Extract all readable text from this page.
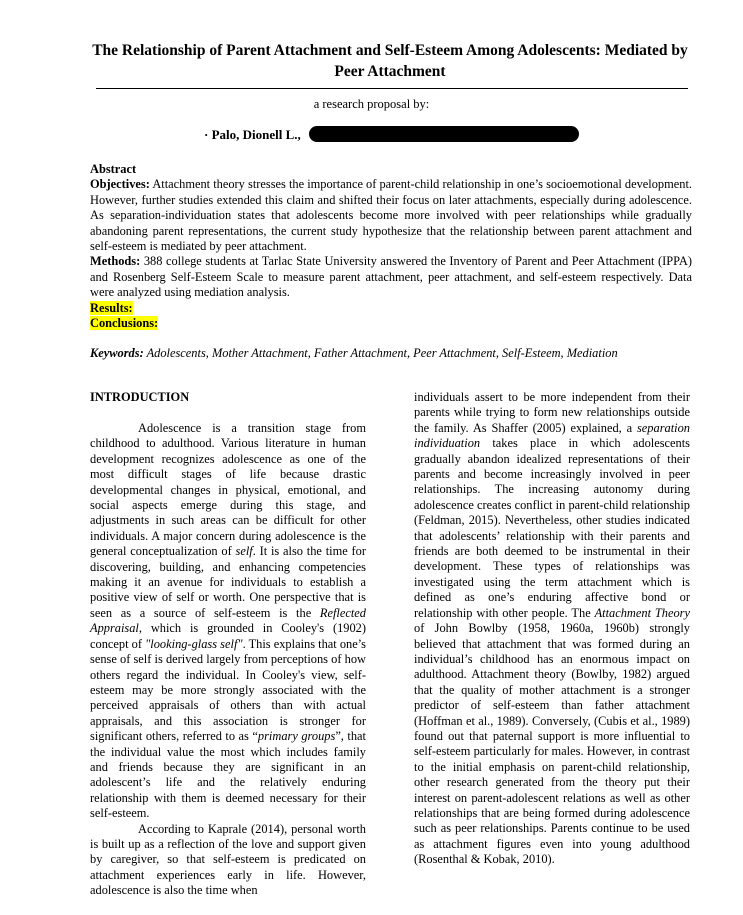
The Relationship of Parent Attachment and Self-Esteem Among Adolescents: Mediated by Peer Attachment
a research proposal by:
· Palo, Dionell L.,
Abstract
Objectives: Attachment theory stresses the importance of parent-child relationship in one’s socioemotional development. However, further studies extended this claim and shifted their focus on later attachments, especially during adolescence. As separation-individuation states that adolescents become more involved with peer relationships while gradually abandoning parent representations, the current study hypothesize that the relationship between parent attachment and self-esteem is mediated by peer attachment.
Methods: 388 college students at Tarlac State University answered the Inventory of Parent and Peer Attachment (IPPA) and Rosenberg Self-Esteem Scale to measure parent attachment, peer attachment, and self-esteem respectively. Data were analyzed using mediation analysis.
Results:
Conclusions:
Keywords: Adolescents, Mother Attachment, Father Attachment, Peer Attachment, Self-Esteem, Mediation
INTRODUCTION

Adolescence is a transition stage from childhood to adulthood. Various literature in human development recognizes adolescence as one of the most difficult stages of life because drastic developmental changes in physical, emotional, and social aspects emerge during this stage, and adjustments in such areas can be difficult for other individuals. A major concern during adolescence is the general conceptualization of self. It is also the time for discovering, building, and enhancing competencies making it an avenue for individuals to establish a positive view of self or worth. One perspective that is seen as a source of self-esteem is the Reflected Appraisal, which is grounded in Cooley's (1902) concept of "looking-glass self". This explains that one’s sense of self is derived largely from perceptions of how others regard the individual. In Cooley's view, self-esteem may be more strongly associated with the perceived appraisals of others than with actual appraisals, and this association is stronger for significant others, referred to as “primary groups”, that the individual value the most which includes family and friends because they are significant in an adolescent’s life and the relatively enduring relationship with them is deemed necessary for their self-esteem.

According to Kaprale (2014), personal worth is built up as a reflection of the love and support given by caregiver, so that self-esteem is predicated on attachment experiences early in life. However, adolescence is also the time when

individuals assert to be more independent from their parents while trying to form new relationships outside the family. As Shaffer (2005) explained, a separation individuation takes place in which adolescents gradually abandon idealized representations of their parents and become increasingly involved in peer relationships. The increasing autonomy during adolescence creates conflict in parent-child relationship (Feldman, 2015). Nevertheless, other studies indicated that adolescents’ relationship with their parents and friends are both deemed to be instrumental in their development. These types of relationships was investigated using the term attachment which is defined as one’s enduring affective bond or relationship with other people. The Attachment Theory of John Bowlby (1958, 1960a, 1960b) strongly believed that attachment that was formed during an individual’s childhood has an enormous impact on adulthood. Attachment theory (Bowlby, 1982) argued that the quality of mother attachment is a stronger predictor of self-esteem than father attachment (Hoffman et al., 1989). Conversely, (Cubis et al., 1989) found out that paternal support is more influential to self-esteem particularly for males. However, in contrast to the initial emphasis on parent-child relationship, other research generated from the theory put their interest on parent-adolescent relations as well as other relationships that are being formed during adolescence such as peer relationships. Parents continue to be used as attachment figures even into young adulthood (Rosenthal & Kobak, 2010).
